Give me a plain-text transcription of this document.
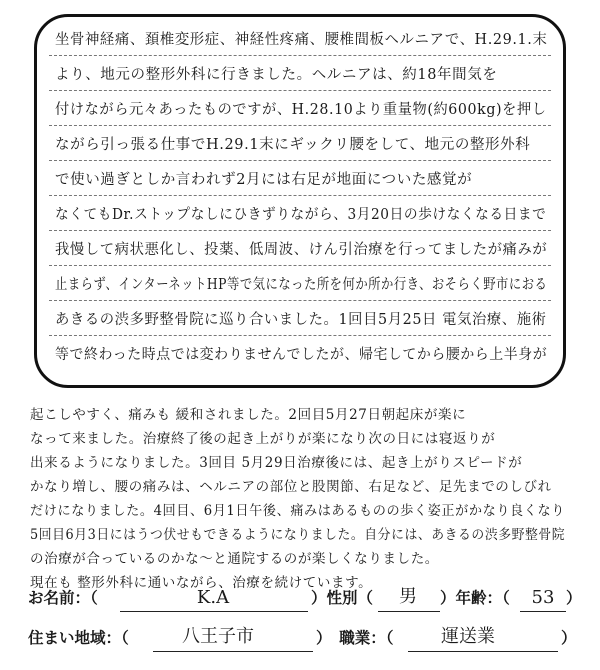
坐骨神経痛、頚椎変形症、神経性疼痛、腰椎間板ヘルニアで、H.29.1.末
より、地元の整形外科に行きました。ヘルニアは、約18年間気を
付けながら元々あったものですが、H.28.10より重量物(約600kg)を押し
ながら引っ張る仕事でH.29.1末にギックリ腰をして、地元の整形外科
で使い過ぎとしか言われず2月には右足が地面についた感覚が
なくてもDr.ストップなしにひきずりながら、3月20日の歩けなくなる日まで
我慢して病状悪化し、投薬、低周波、けん引治療を行ってましたが痛みが
止まらず、インターネットHP等で気になった所を何か所か行き、おそらく野市におる
あきるの渋多野整骨院に巡り合いました。1回目5月25日 電気治療、施術
等で終わった時点では変わりませんでしたが、帰宅してから腰から上半身が
起こしやすく、痛みも 緩和されました。2回目5月27日朝起床が楽に
なって来ました。治療終了後の起き上がりが楽になり次の日には寝返りが
出来るようになりました。3回目 5月29日治療後には、起き上がりスピードが
かなり増し、腰の痛みは、ヘルニアの部位と股関節、右足など、足先までのしびれ
だけになりました。4回目、6月1日午後、痛みはあるものの歩く姿正がかなり良くなり
5回目6月3日にはうつ伏せもできるようになりました。自分には、あきるの渋多野整骨院
の治療が合っているのかな～と通院するのが楽しくなりました。
現在も 整形外科に通いながら、治療を続けています。
お名前：（	K.A	）性別（	男	）年齢：（	53 ）
住まい地域：（	八王子市	）　職業：（	運送業	）
